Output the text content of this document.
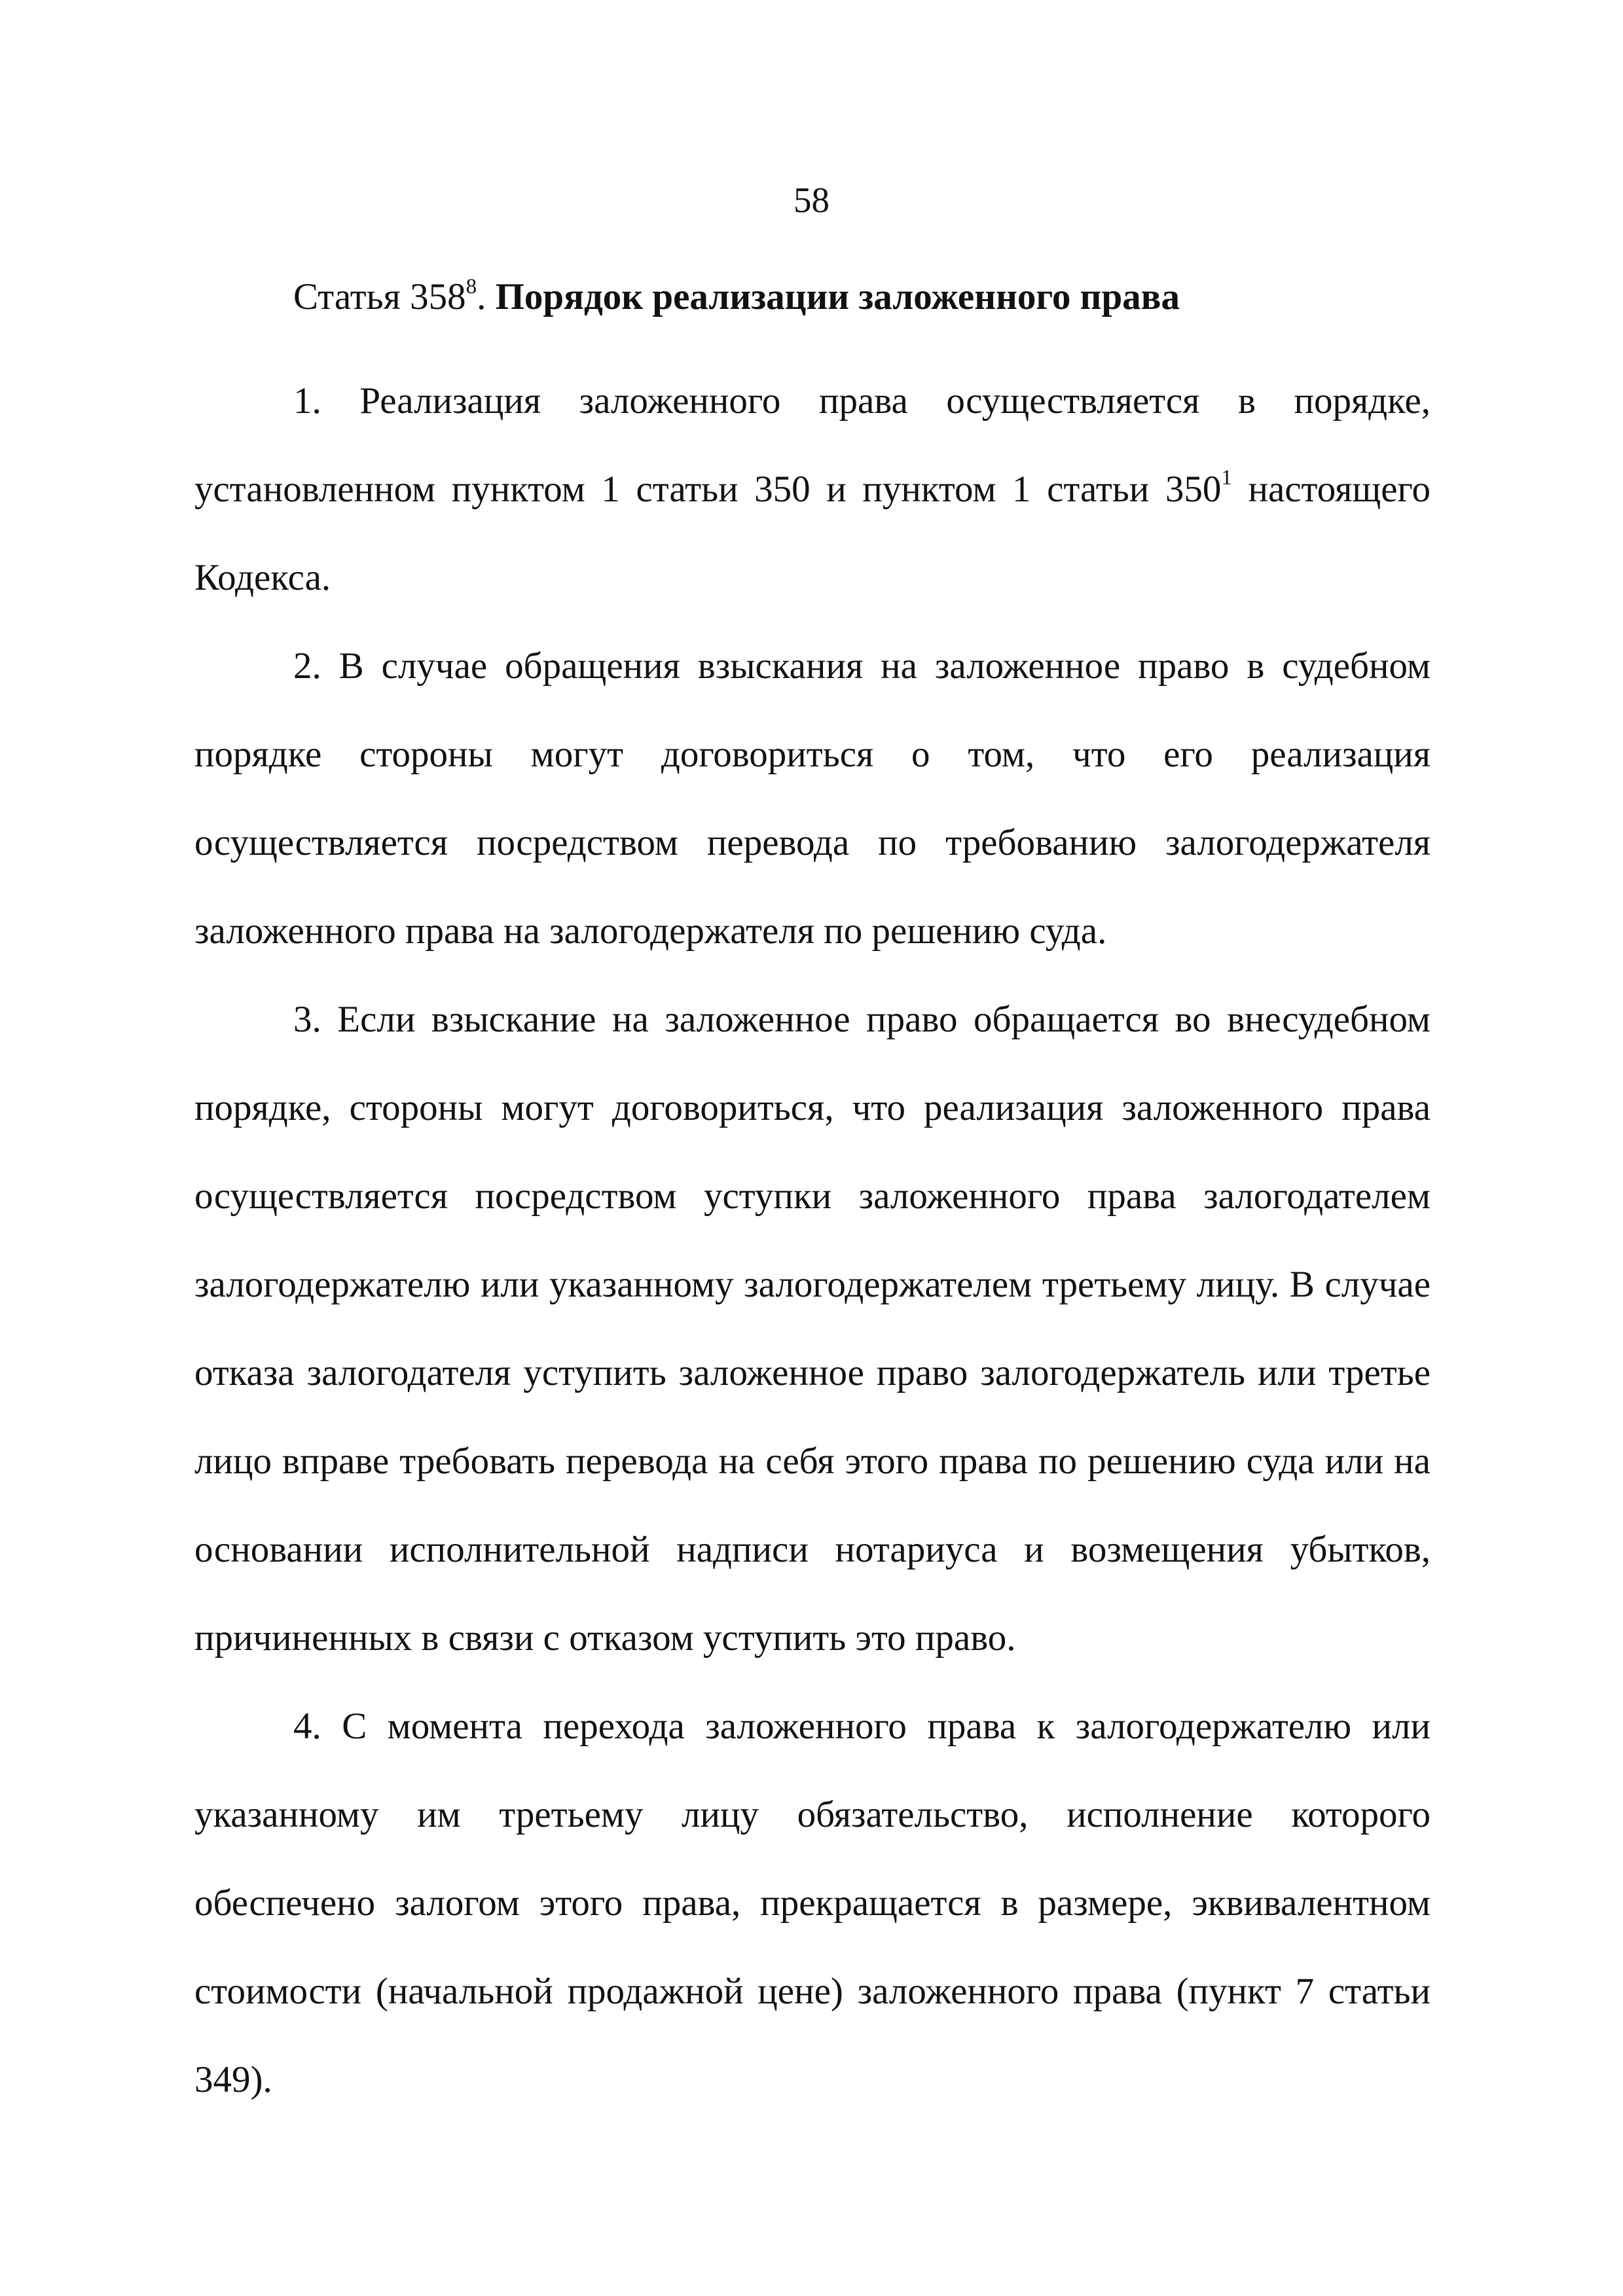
58
Статья $358^8$. Порядок реализации заложенного права

1. Реализация заложенного права осуществляется в порядке, установленном пунктом 1 статьи 350 и пунктом 1 статьи $350^1$ настоящего Кодекса.

2. В случае обращения взыскания на заложенное право в судебном порядке стороны могут договориться о том, что его реализация осуществляется посредством перевода по требованию залогодержателя заложенного права на залогодержателя по решению суда.

3. Если взыскание на заложенное право обращается во внесудебном порядке, стороны могут договориться, что реализация заложенного права осуществляется посредством уступки заложенного права залогодателем залогодержателю или указанному залогодержателем третьему лицу. В случае отказа залогодателя уступить заложенное право залогодержатель или третье лицо вправе требовать перевода на себя этого права по решению суда или на основании исполнительной надписи нотариуса и возмещения убытков, причиненных в связи с отказом уступить это право.

4. С момента перехода заложенного права к залогодержателю или указанному им третьему лицу обязательство, исполнение которого обеспечено залогом этого права, прекращается в размере, эквивалентном стоимости (начальной продажной цене) заложенного права (пункт 7 статьи 349).
